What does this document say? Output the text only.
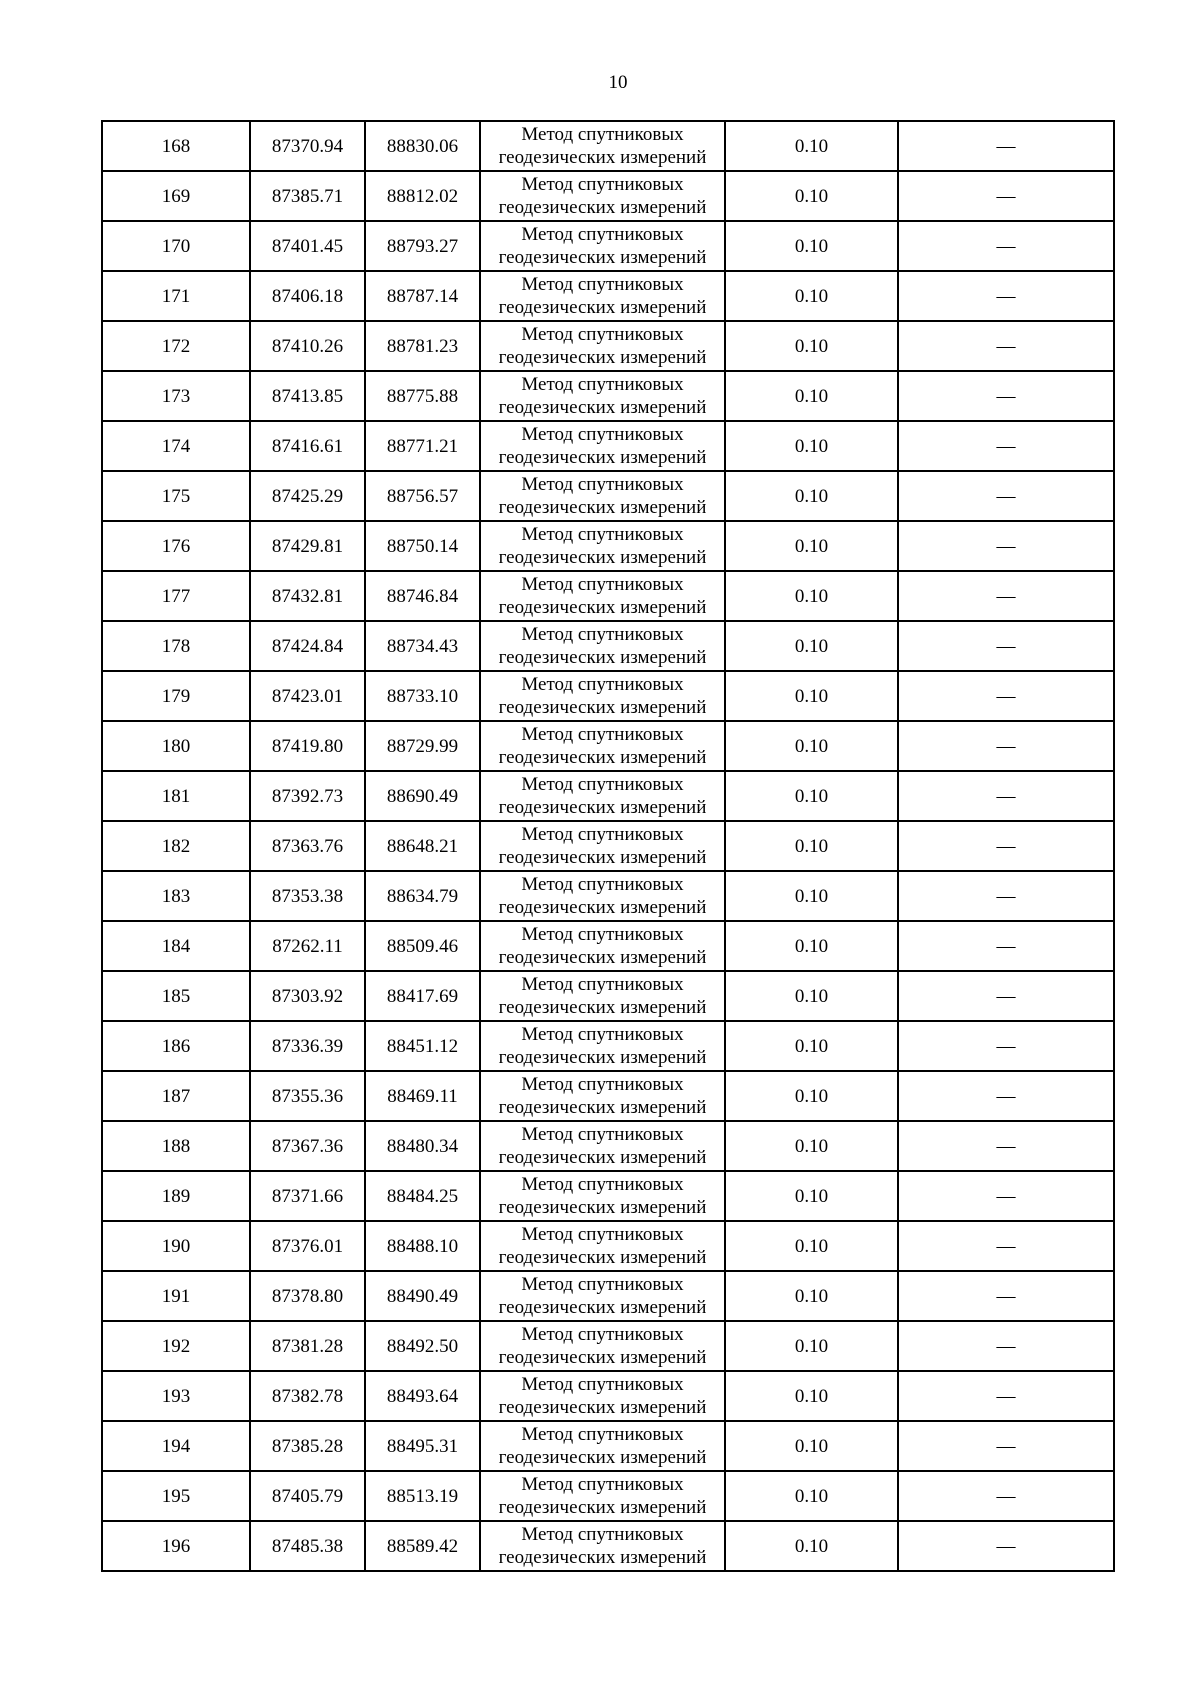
10
168	87370.94	88830.06	Метод спутниковых
геодезических измерений	0.10	—
169	87385.71	88812.02	Метод спутниковых
геодезических измерений	0.10	—
170	87401.45	88793.27	Метод спутниковых
геодезических измерений	0.10	—
171	87406.18	88787.14	Метод спутниковых
геодезических измерений	0.10	—
172	87410.26	88781.23	Метод спутниковых
геодезических измерений	0.10	—
173	87413.85	88775.88	Метод спутниковых
геодезических измерений	0.10	—
174	87416.61	88771.21	Метод спутниковых
геодезических измерений	0.10	—
175	87425.29	88756.57	Метод спутниковых
геодезических измерений	0.10	—
176	87429.81	88750.14	Метод спутниковых
геодезических измерений	0.10	—
177	87432.81	88746.84	Метод спутниковых
геодезических измерений	0.10	—
178	87424.84	88734.43	Метод спутниковых
геодезических измерений	0.10	—
179	87423.01	88733.10	Метод спутниковых
геодезических измерений	0.10	—
180	87419.80	88729.99	Метод спутниковых
геодезических измерений	0.10	—
181	87392.73	88690.49	Метод спутниковых
геодезических измерений	0.10	—
182	87363.76	88648.21	Метод спутниковых
геодезических измерений	0.10	—
183	87353.38	88634.79	Метод спутниковых
геодезических измерений	0.10	—
184	87262.11	88509.46	Метод спутниковых
геодезических измерений	0.10	—
185	87303.92	88417.69	Метод спутниковых
геодезических измерений	0.10	—
186	87336.39	88451.12	Метод спутниковых
геодезических измерений	0.10	—
187	87355.36	88469.11	Метод спутниковых
геодезических измерений	0.10	—
188	87367.36	88480.34	Метод спутниковых
геодезических измерений	0.10	—
189	87371.66	88484.25	Метод спутниковых
геодезических измерений	0.10	—
190	87376.01	88488.10	Метод спутниковых
геодезических измерений	0.10	—
191	87378.80	88490.49	Метод спутниковых
геодезических измерений	0.10	—
192	87381.28	88492.50	Метод спутниковых
геодезических измерений	0.10	—
193	87382.78	88493.64	Метод спутниковых
геодезических измерений	0.10	—
194	87385.28	88495.31	Метод спутниковых
геодезических измерений	0.10	—
195	87405.79	88513.19	Метод спутниковых
геодезических измерений	0.10	—
196	87485.38	88589.42	Метод спутниковых
геодезических измерений	0.10	—
